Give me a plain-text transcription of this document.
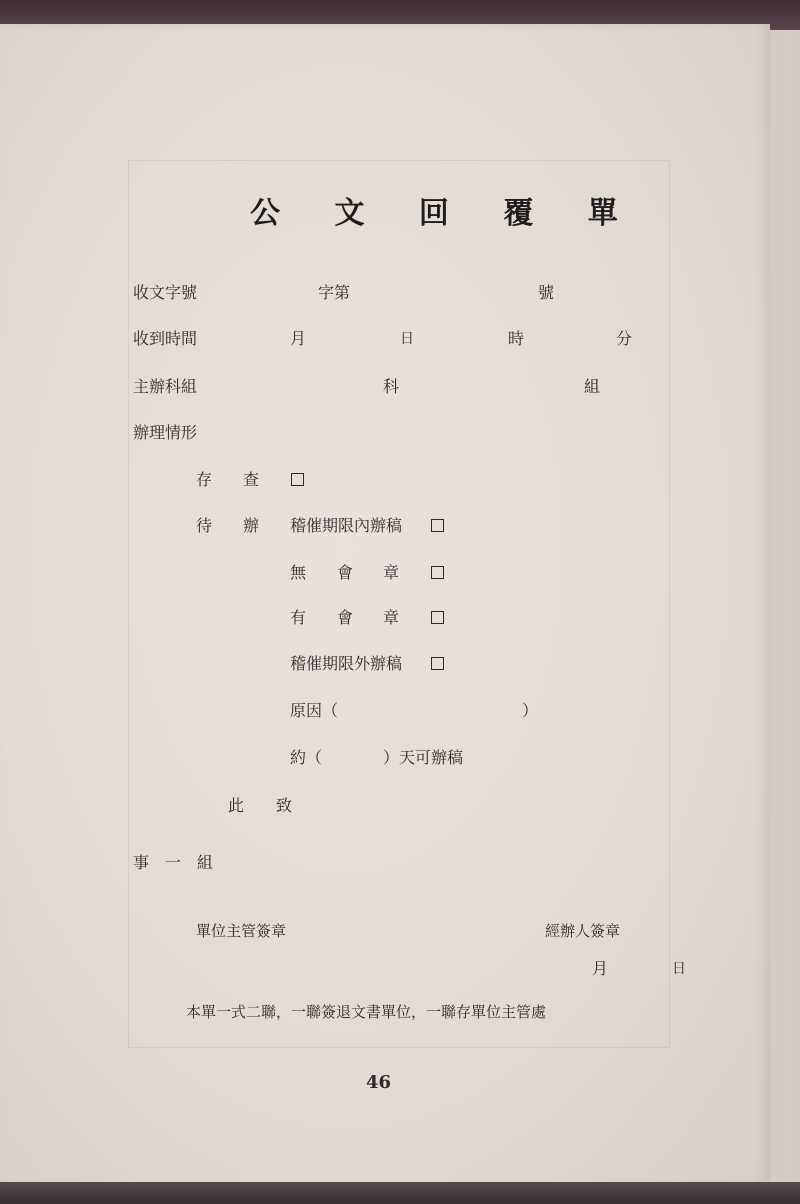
公 文 回 覆 單
收文字號	字第	號
收到時間	月	日	時	分
主辦科組	科	組
辦理情形
存 查
待 辦 稽催期限內辦稿
無 會 章
有 會 章
稽催期限外辦稿
原因（	）
約（	）天可辦稿
此 致
事 一 組
單位主管簽章	經辦人簽章
月	日
本單一式二聯，一聯簽退文書單位，一聯存單位主管處
46
